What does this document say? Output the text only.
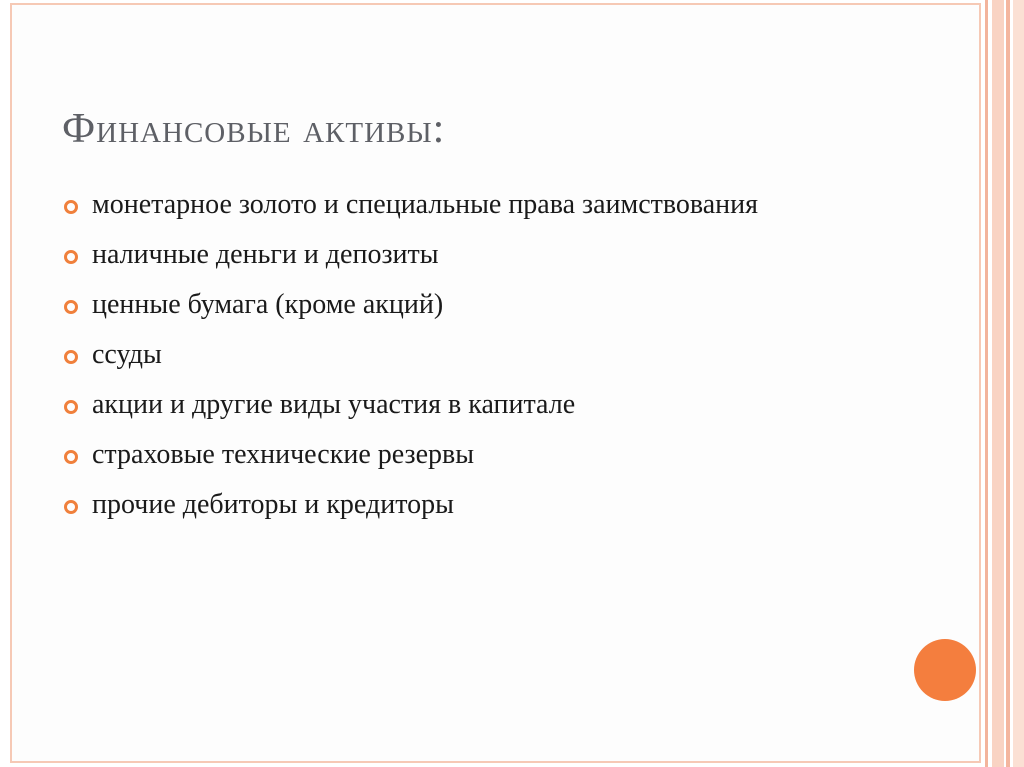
Финансовые активы:
монетарное золото и специальные права заимствования
наличные деньги и депозиты
ценные бумага (кроме акций)
ссуды
акции и другие виды участия в капитале
страховые технические резервы
прочие дебиторы и кредиторы
